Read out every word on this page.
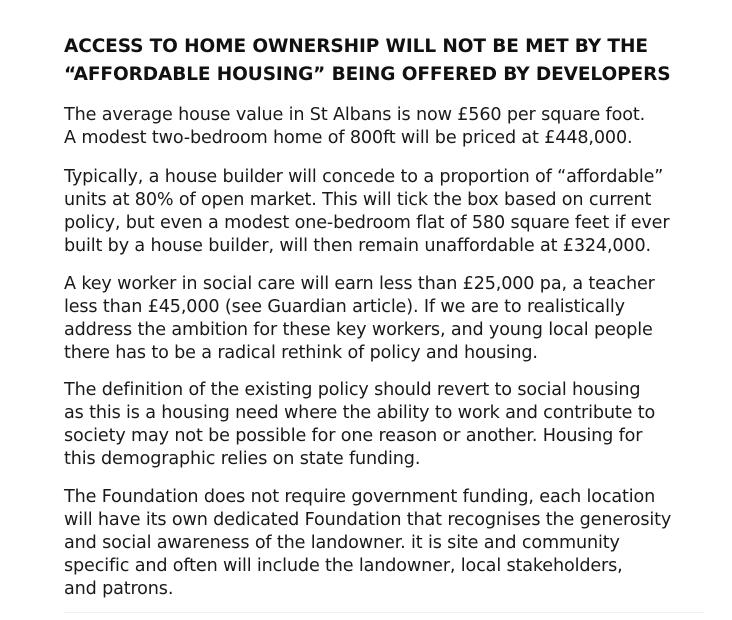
ACCESS TO HOME OWNERSHIP WILL NOT BE MET BY THE
“AFFORDABLE HOUSING” BEING OFFERED BY DEVELOPERS

The average house value in St Albans is now £560 per square foot.
A modest two-bedroom home of 800ft will be priced at £448,000.

Typically, a house builder will concede to a proportion of “affordable”
units at 80% of open market. This will tick the box based on current
policy, but even a modest one-bedroom flat of 580 square feet if ever
built by a house builder, will then remain unaffordable at £324,000.

A key worker in social care will earn less than £25,000 pa, a teacher
less than £45,000 (see Guardian article). If we are to realistically
address the ambition for these key workers, and young local people
there has to be a radical rethink of policy and housing.

The definition of the existing policy should revert to social housing
as this is a housing need where the ability to work and contribute to
society may not be possible for one reason or another. Housing for
this demographic relies on state funding.

The Foundation does not require government funding, each location
will have its own dedicated Foundation that recognises the generosity
and social awareness of the landowner. it is site and community
specific and often will include the landowner, local stakeholders,
and patrons.
